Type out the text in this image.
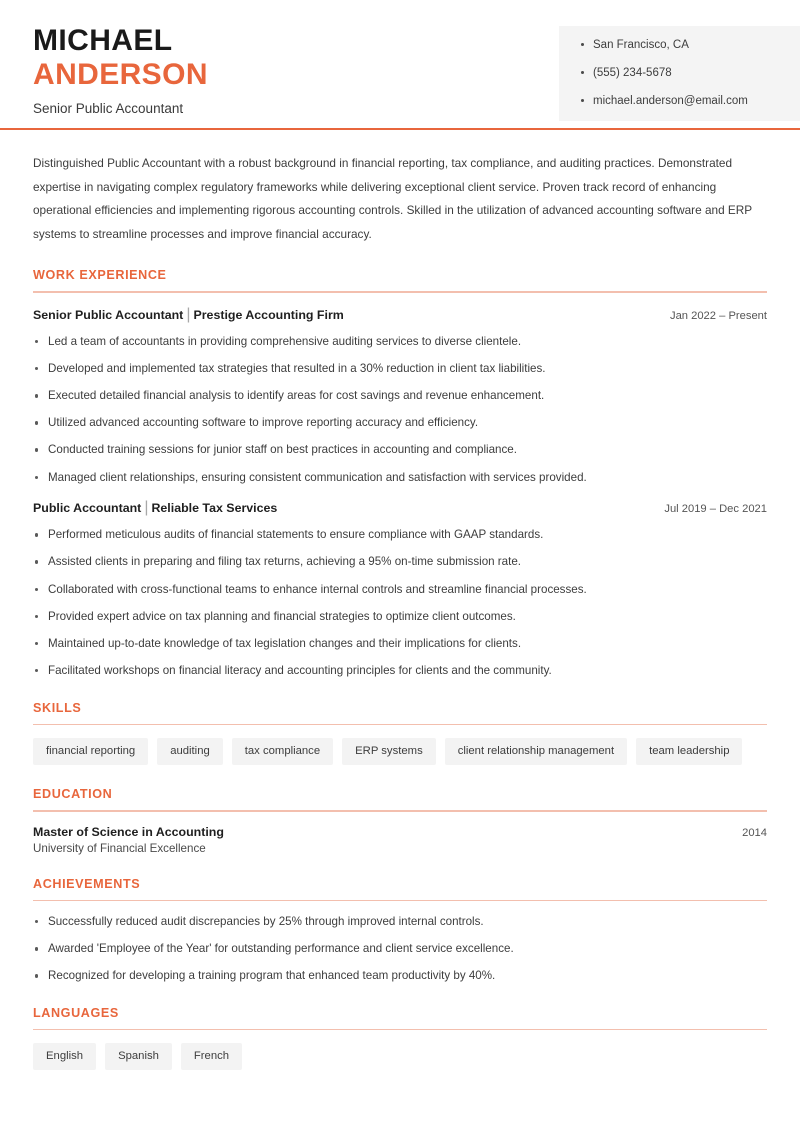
MICHAEL
ANDERSON
Senior Public Accountant
San Francisco, CA
(555) 234-5678
michael.anderson@email.com

Distinguished Public Accountant with a robust background in financial reporting, tax compliance, and auditing practices. Demonstrated expertise in navigating complex regulatory frameworks while delivering exceptional client service. Proven track record of enhancing operational efficiencies and implementing rigorous accounting controls. Skilled in the utilization of advanced accounting software and ERP systems to streamline processes and improve financial accuracy.

WORK EXPERIENCE
Senior Public Accountant | Prestige Accounting Firm	Jan 2022 – Present
Led a team of accountants in providing comprehensive auditing services to diverse clientele.
Developed and implemented tax strategies that resulted in a 30% reduction in client tax liabilities.
Executed detailed financial analysis to identify areas for cost savings and revenue enhancement.
Utilized advanced accounting software to improve reporting accuracy and efficiency.
Conducted training sessions for junior staff on best practices in accounting and compliance.
Managed client relationships, ensuring consistent communication and satisfaction with services provided.
Public Accountant | Reliable Tax Services	Jul 2019 – Dec 2021
Performed meticulous audits of financial statements to ensure compliance with GAAP standards.
Assisted clients in preparing and filing tax returns, achieving a 95% on-time submission rate.
Collaborated with cross-functional teams to enhance internal controls and streamline financial processes.
Provided expert advice on tax planning and financial strategies to optimize client outcomes.
Maintained up-to-date knowledge of tax legislation changes and their implications for clients.
Facilitated workshops on financial literacy and accounting principles for clients and the community.
SKILLS
financial reporting	auditing	tax compliance	ERP systems	client relationship management	team leadership
EDUCATION
Master of Science in Accounting	2014
University of Financial Excellence
ACHIEVEMENTS
Successfully reduced audit discrepancies by 25% through improved internal controls.
Awarded 'Employee of the Year' for outstanding performance and client service excellence.
Recognized for developing a training program that enhanced team productivity by 40%.
LANGUAGES
English	Spanish	French
